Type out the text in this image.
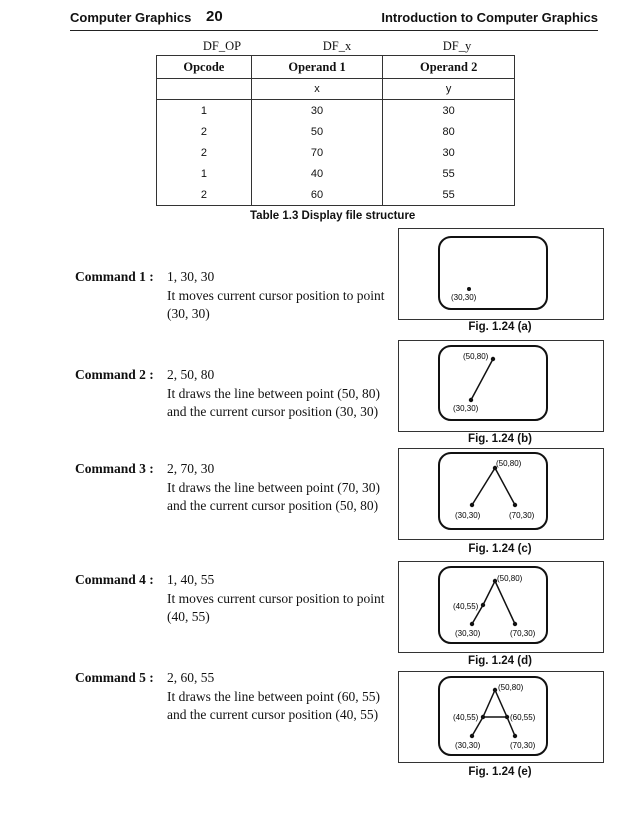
Computer Graphics 20	Introduction to Computer Graphics
DF_OP	DF_x	DF_y
Opcode	Operand 1	Operand 2
	x	y
1	30	30
2	50	80
2	70	30
1	40	55
2	60	55
Table 1.3 Display file structure
Command 1 : 1, 30, 30
It moves current cursor position to point (30, 30)
Command 2 : 2, 50, 80
It draws the line between point (50, 80) and the current cursor position (30, 30)
Command 3 : 2, 70, 30
It draws the line between point (70, 30) and the current cursor position (50, 80)
Command 4 : 1, 40, 55
It moves current cursor position to point (40, 55)
Command 5 : 2, 60, 55
It draws the line between point (60, 55) and the current cursor position (40, 55)
(30,30)
Fig. 1.24 (a)
(50,80)
(30,30)
Fig. 1.24 (b)
(50,80)
(30,30)	(70,30)
Fig. 1.24 (c)
(50,80)
(40,55)
(30,30)	(70,30)
Fig. 1.24 (d)
(50,80)
(40,55)	(60,55)
(30,30)	(70,30)
Fig. 1.24 (e)
